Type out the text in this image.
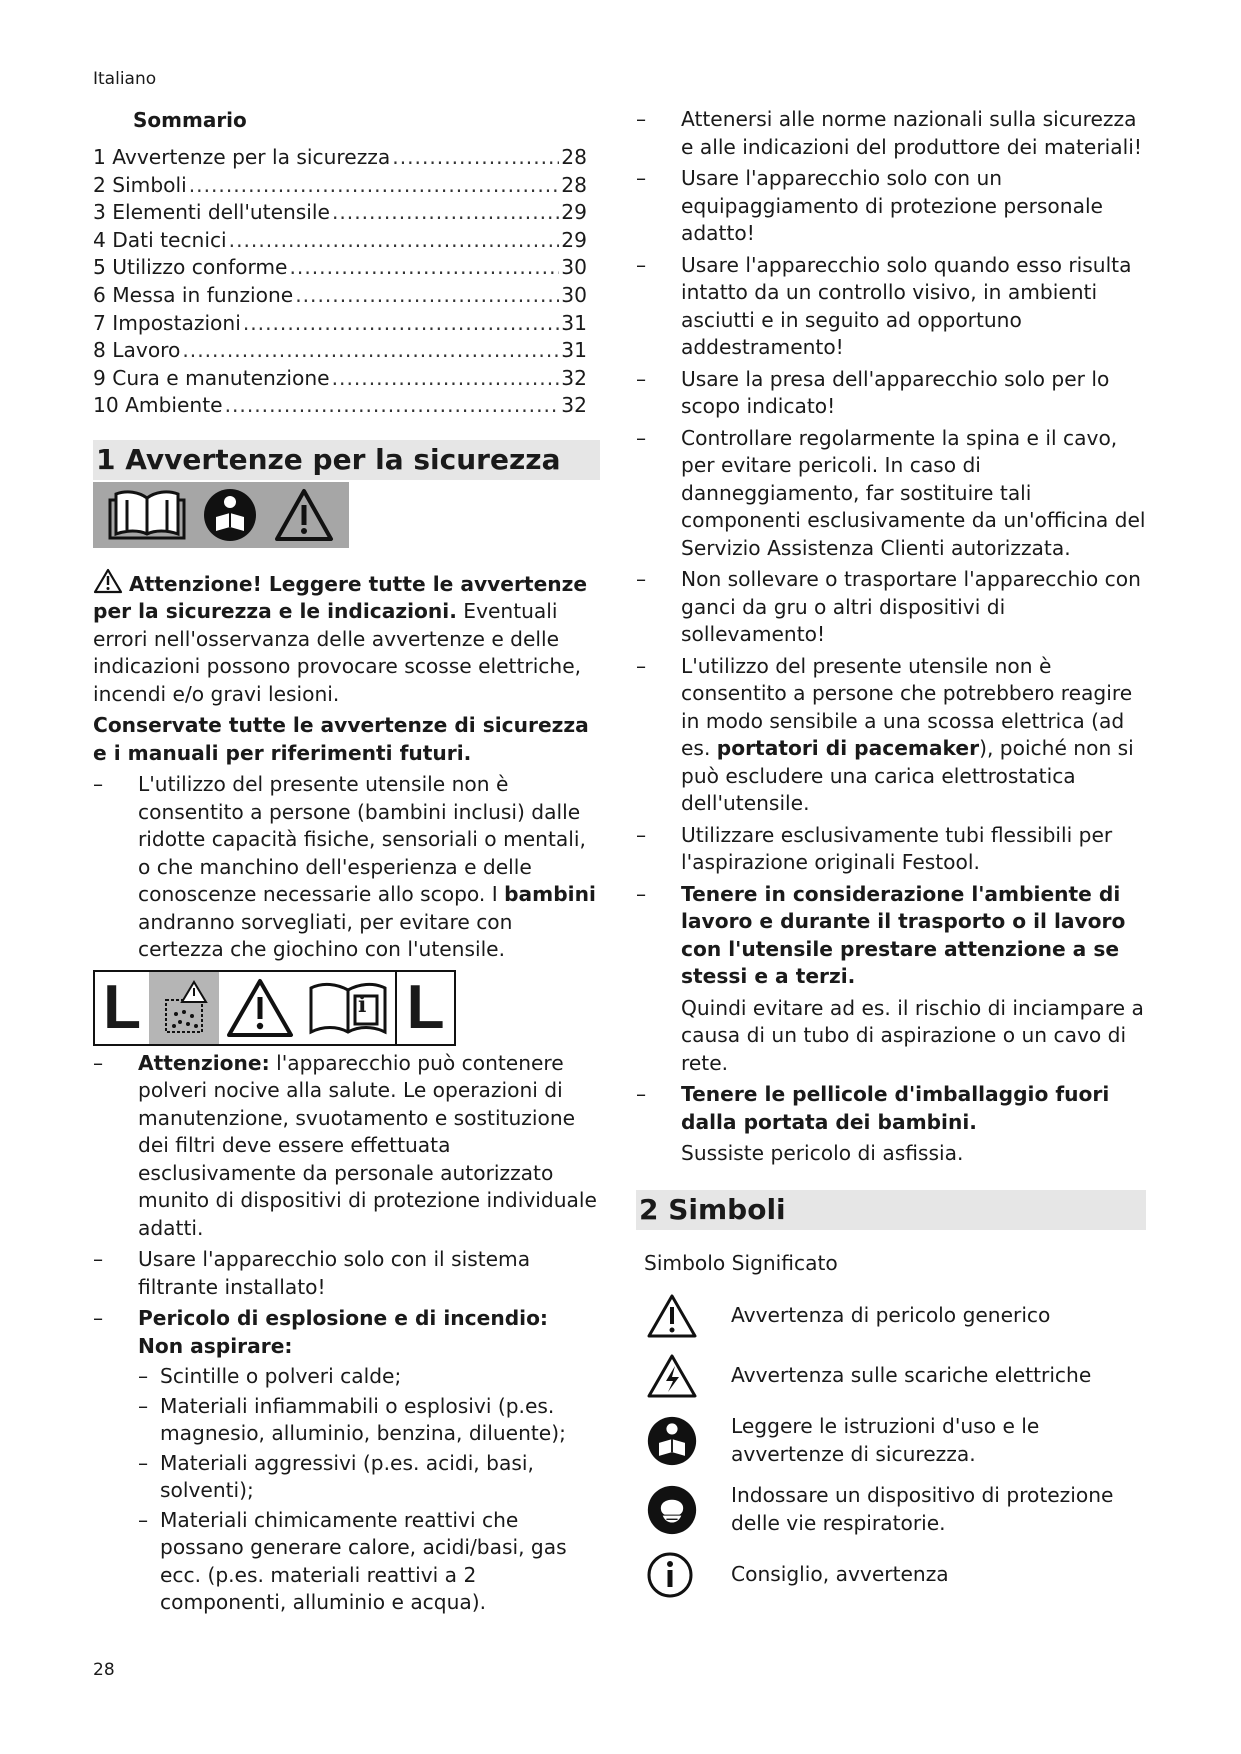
Italiano
Sommario
1 Avvertenze per la sicurezza .....	28
2 Simboli .....	28
3 Elementi dell'utensile .....	29
4 Dati tecnici .....	29
5 Utilizzo conforme .....	30
6 Messa in funzione .....	30
7 Impostazioni .....	31
8 Lavoro .....	31
9 Cura e manutenzione .....	32
10 Ambiente .....	32
1 Avvertenze per la sicurezza

Attenzione! Leggere tutte le avvertenze per la sicurezza e le indicazioni. Eventuali errori nell'osservanza delle avvertenze e delle indicazioni possono provocare scosse elettriche, incendi e/o gravi lesioni.

Conservate tutte le avvertenze di sicurezza e i manuali per riferimenti futuri.

– L'utilizzo del presente utensile non è consentito a persone (bambini inclusi) dalle ridotte capacità fisiche, sensoriali o mentali, o che manchino dell'esperienza e delle conoscenze necessarie allo scopo. I bambini andranno sorvegliati, per evitare con certezza che giochino con l'utensile.
L	i L
– Attenzione: l'apparecchio può contenere polveri nocive alla salute. Le operazioni di manutenzione, svuotamento e sostituzione dei filtri deve essere effettuata esclusivamente da personale autorizzato munito di dispositivi di protezione individuale adatti.
– Usare l'apparecchio solo con il sistema filtrante installato!
– Pericolo di esplosione e di incendio: Non aspirare:
– Scintille o polveri calde;
– Materiali infiammabili o esplosivi (p.es. magnesio, alluminio, benzina, diluente);
– Materiali aggressivi (p.es. acidi, basi, solventi);
– Materiali chimicamente reattivi che possano generare calore, acidi/basi, gas ecc. (p.es. materiali reattivi a 2 componenti, alluminio e acqua).
– Attenersi alle norme nazionali sulla sicurezza e alle indicazioni del produttore dei materiali!
– Usare l'apparecchio solo con un equipaggiamento di protezione personale adatto!
– Usare l'apparecchio solo quando esso risulta intatto da un controllo visivo, in ambienti asciutti e in seguito ad opportuno addestramento!
– Usare la presa dell'apparecchio solo per lo scopo indicato!
– Controllare regolarmente la spina e il cavo, per evitare pericoli. In caso di danneggiamento, far sostituire tali componenti esclusivamente da un'officina del Servizio Assistenza Clienti autorizzata.
– Non sollevare o trasportare l'apparecchio con ganci da gru o altri dispositivi di sollevamento!
– L'utilizzo del presente utensile non è consentito a persone che potrebbero reagire in modo sensibile a una scossa elettrica (ad es. portatori di pacemaker), poiché non si può escludere una carica elettrostatica dell'utensile.
– Utilizzare esclusivamente tubi flessibili per l'aspirazione originali Festool.
– Tenere in considerazione l'ambiente di lavoro e durante il trasporto o il lavoro con l'utensile prestare attenzione a se stessi e a terzi.
Quindi evitare ad es. il rischio di inciampare a causa di un tubo di aspirazione o un cavo di rete.
– Tenere le pellicole d'imballaggio fuori dalla portata dei bambini.
Sussiste pericolo di asfissia.
2 Simboli
Simbolo Significato
Avvertenza di pericolo generico
Avvertenza sulle scariche elettriche
Leggere le istruzioni d'uso e le avvertenze di sicurezza.
Indossare un dispositivo di protezione delle vie respiratorie.
Consiglio, avvertenza
28
